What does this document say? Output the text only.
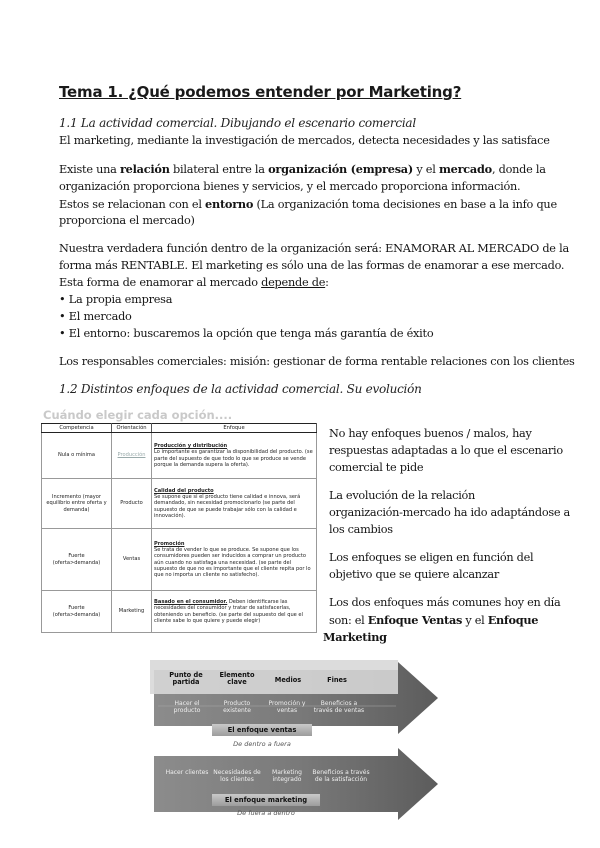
Tema 1. ¿Qué podemos entender por Marketing?
1.1 La actividad comercial. Dibujando el escenario comercial
El marketing, mediante la investigación de mercados, detecta necesidades y las satisface
Existe una relación bilateral entre la organización (empresa) y el mercado, donde la
organización proporciona bienes y servicios, y el mercado proporciona información.
Estos se relacionan con el entorno (La organización toma decisiones en base a la info que
proporciona el mercado)
Nuestra verdadera función dentro de la organización será: ENAMORAR AL MERCADO de la
forma más RENTABLE. El marketing es sólo una de las formas de enamorar a ese mercado.
Esta forma de enamorar al mercado depende de:
• La propia empresa
• El mercado
• El entorno: buscaremos la opción que tenga más garantía de éxito
Los responsables comerciales: misión: gestionar de forma rentable relaciones con los clientes
1.2 Distintos enfoques de la actividad comercial. Su evolución
Cuándo elegir cada opción....
Competencia	Orientación	Enfoque
Nula o mínima	Producción	Producción y distribución
Lo importante es garantizar la disponibilidad del producto. (se parte del supuesto de que todo lo que se produce se vende porque la demanda supera la oferta).
Incremento (mayor equilibrio entre oferta y demanda)	Producto	Calidad del producto
Se supone que si el producto tiene calidad e innova, será demandado, sin necesidad promocionarlo (se parte del supuesto de que se puede trabajar sólo con la calidad e innovación).
Fuerte (oferta>demanda)	Ventas	Promoción
Se trata de vender lo que se produce. Se supone que los consumidores pueden ser inducidos a comprar un producto aún cuando no satisfaga una necesidad. (se parte del supuesto de que no es importante que el cliente repita por lo que no importa un cliente no satisfecho).
Fuerte (oferta>demanda)	Marketing	Basado en el consumidor. Deben identificarse las necesidades del consumidor y tratar de satisfacerlas, obteniendo un beneficio. (se parte del supuesto del que el cliente sabe lo que quiere y puede elegir)
No hay enfoques buenos / malos, hay
respuestas adaptadas a lo que el escenario
comercial te pide
La evolución de la relación
organización-mercado ha ido adaptándose a
los cambios
Los enfoques se eligen en función del
objetivo que se quiere alcanzar
Los dos enfoques más comunes hoy en día
son: el Enfoque Ventas y el Enfoque
Marketing
Punto de partida
Elemento clave	Medios	Fines
Hacer el producto
Producto existente
Promoción y ventas
Beneficios a través de ventas
El enfoque ventas
De dentro a fuera
Hacer clientes Necesidades de los clientes
Marketing integrado
Beneficios a través de la satisfacción
El enfoque marketing
De fuera a dentro
